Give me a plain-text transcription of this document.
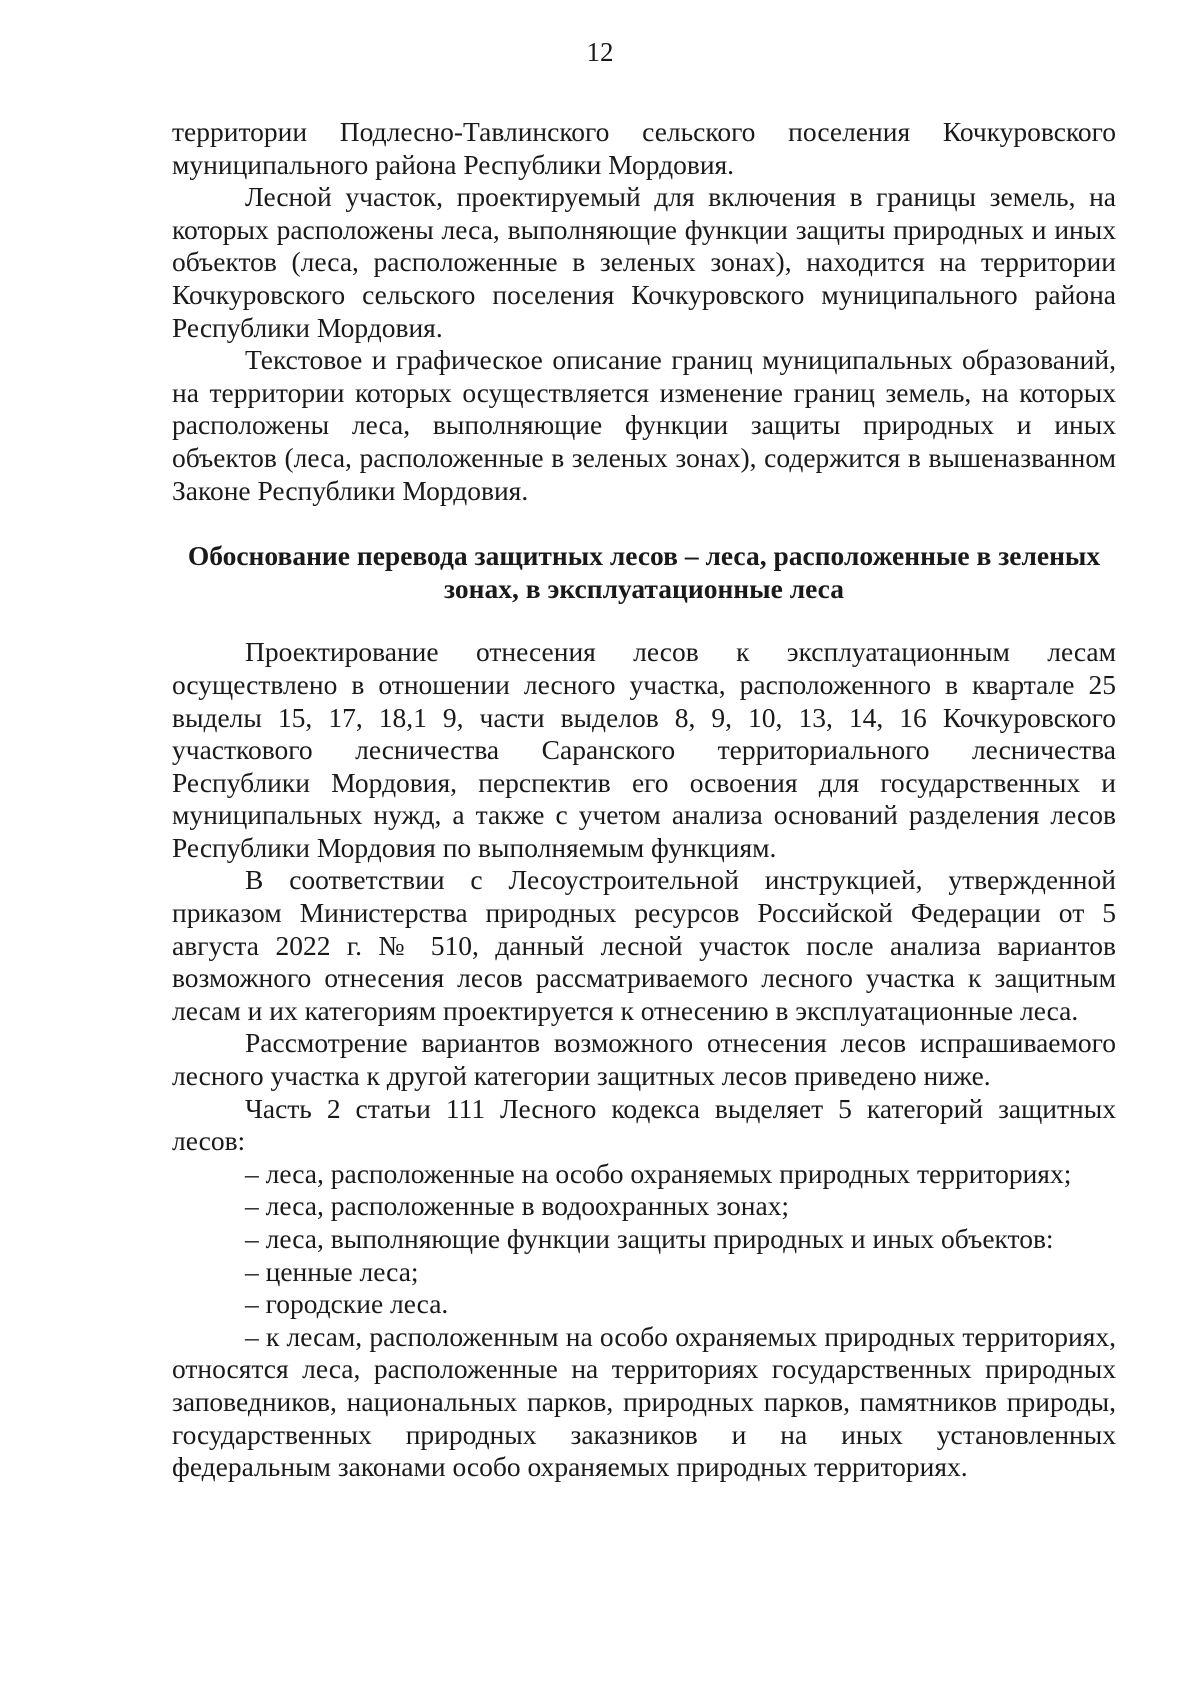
12

территории Подлесно-Тавлинского сельского поселения Кочкуровского муниципального района Республики Мордовия.

Лесной участок, проектируемый для включения в границы земель, на которых расположены леса, выполняющие функции защиты природных и иных объектов (леса, расположенные в зеленых зонах), находится на территории Кочкуровского сельского поселения Кочкуровского муниципального района Республики Мордовия.

Текстовое и графическое описание границ муниципальных образований, на территории которых осуществляется изменение границ земель, на которых расположены леса, выполняющие функции защиты природных и иных объектов (леса, расположенные в зеленых зонах), содержится в вышеназванном Законе Республики Мордовия.

Обоснование перевода защитных лесов – леса, расположенные в зеленых зонах, в эксплуатационные леса

Проектирование отнесения лесов к эксплуатационным лесам осуществлено в отношении лесного участка, расположенного в квартале 25 выделы 15, 17, 18,1 9, части выделов 8, 9, 10, 13, 14, 16 Кочкуровского участкового лесничества Саранского территориального лесничества Республики Мордовия, перспектив его освоения для государственных и муниципальных нужд, а также с учетом анализа оснований разделения лесов Республики Мордовия по выполняемым функциям.

В соответствии с Лесоустроительной инструкцией, утвержденной приказом Министерства природных ресурсов Российской Федерации от 5 августа 2022 г. № 510, данный лесной участок после анализа вариантов возможного отнесения лесов рассматриваемого лесного участка к защитным лесам и их категориям проектируется к отнесению в эксплуатационные леса.

Рассмотрение вариантов возможного отнесения лесов испрашиваемого лесного участка к другой категории защитных лесов приведено ниже.

Часть 2 статьи 111 Лесного кодекса выделяет 5 категорий защитных лесов:

– леса, расположенные на особо охраняемых природных территориях;

– леса, расположенные в водоохранных зонах;

– леса, выполняющие функции защиты природных и иных объектов:

– ценные леса;

– городские леса.

– к лесам, расположенным на особо охраняемых природных территориях, относятся леса, расположенные на территориях государственных природных заповедников, национальных парков, природных парков, памятников природы, государственных природных заказников и на иных установленных федеральным законами особо охраняемых природных территориях.
